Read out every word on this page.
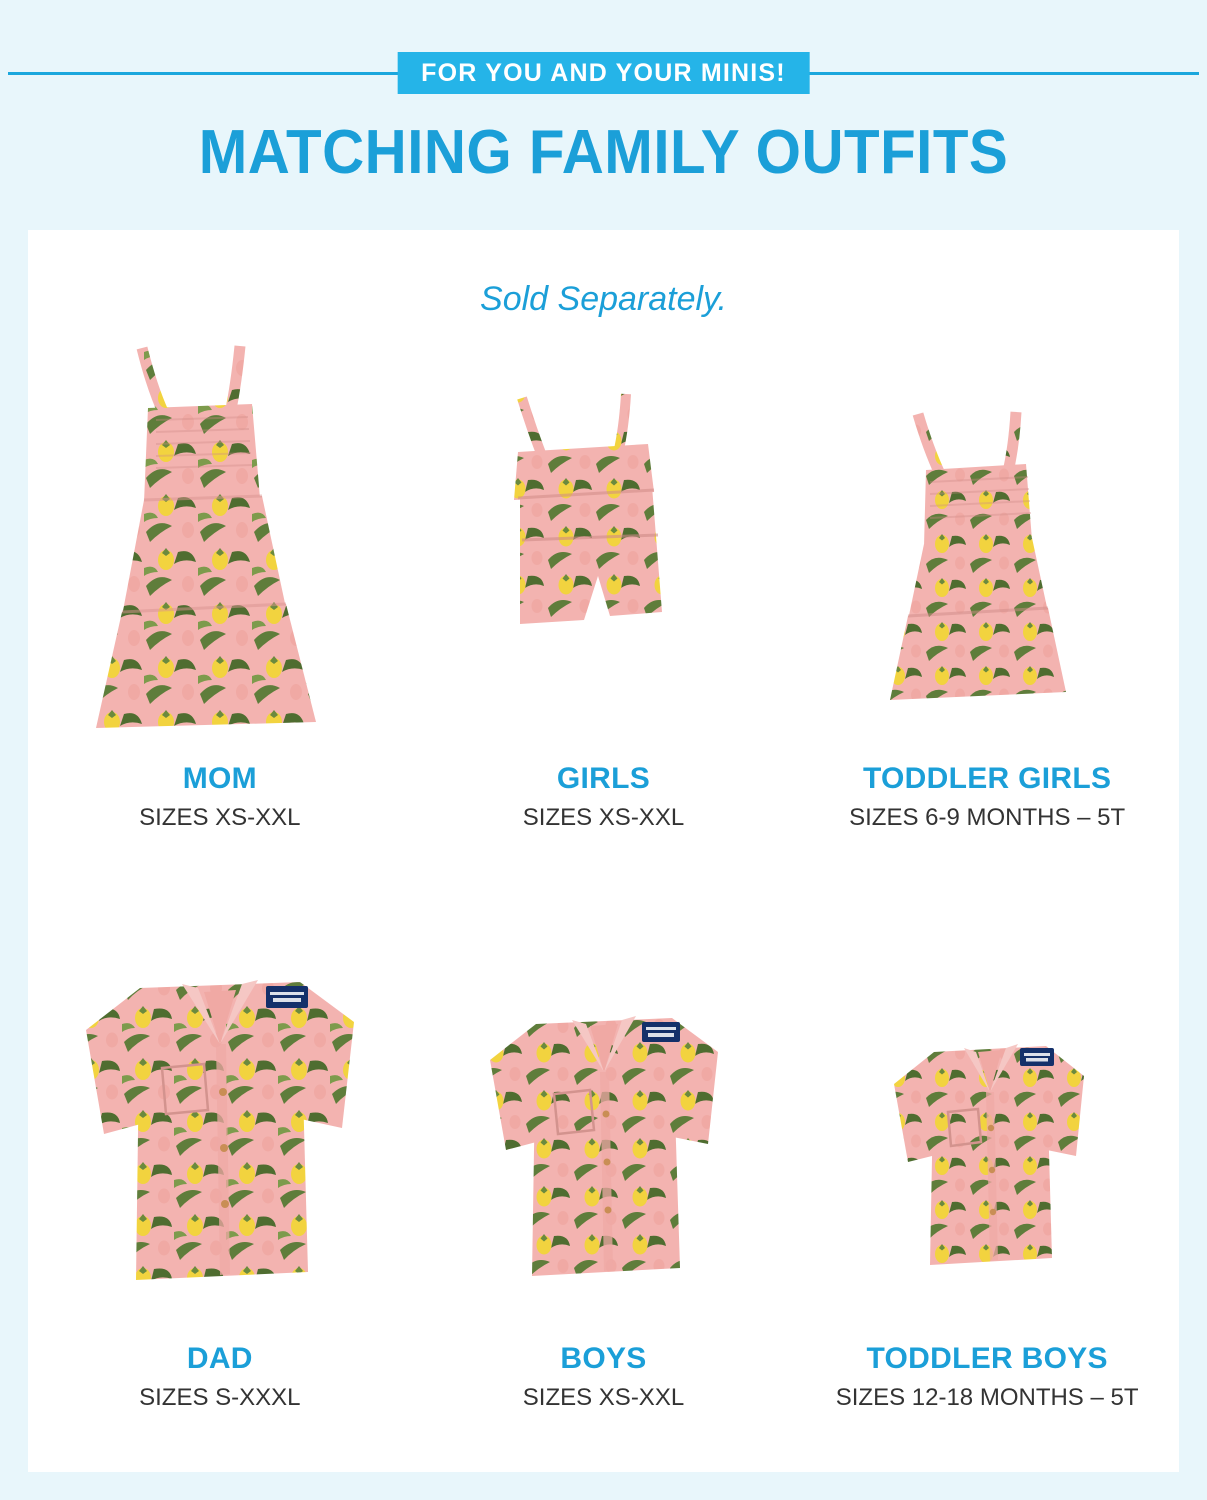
FOR YOU AND YOUR MINIS!
MATCHING FAMILY OUTFITS
Sold Separately.
MOM
SIZES XS-XXL
GIRLS
SIZES XS-XXL
TODDLER GIRLS
SIZES 6-9 MONTHS – 5T
DAD
SIZES S-XXXL
BOYS
SIZES XS-XXL
TODDLER BOYS
SIZES 12-18 MONTHS – 5T
